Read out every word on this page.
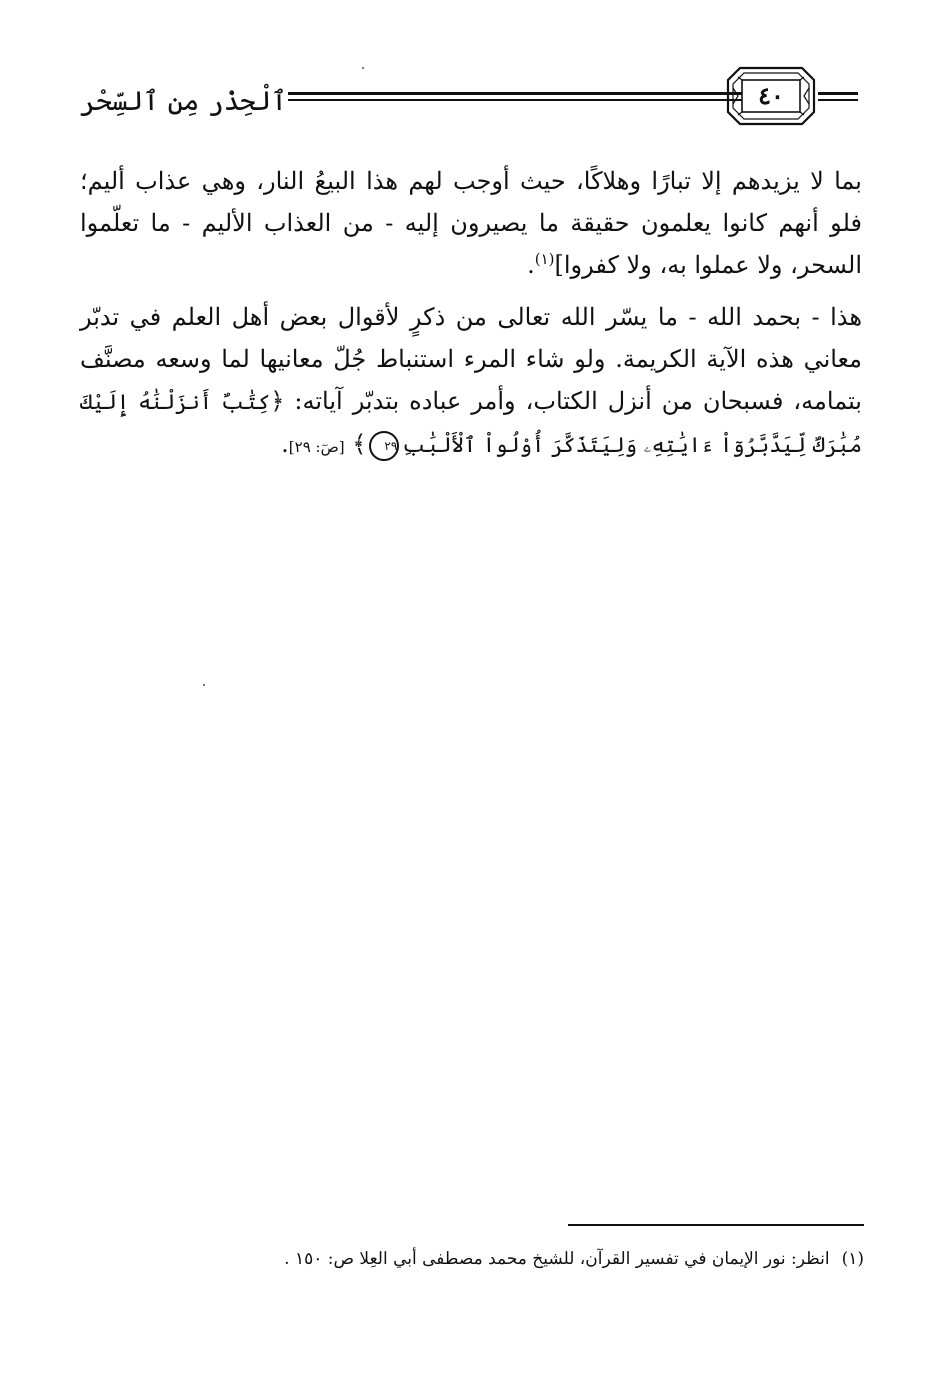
ٱلْحِذْر مِن ٱلسِّحْر	٤٠

بما لا يزيدهم إلا تبارًا وهلاكًا، حيث أوجب لهم هذا البيعُ النار، وهي عذاب أليم؛ فلو أنهم كانوا يعلمون حقيقة ما يصيرون إليه - من العذاب الأليم - ما تعلّموا السحر، ولا عملوا به، ولا كفروا]$^{(١)}$.

هذا - بحمد الله - ما يسّر الله تعالى من ذكرٍ لأقوال بعض أهل العلم في تدبّر معاني هذه الآية الكريمة. ولو شاء المرء استنباط جُلّ معانيها لما وسعه مصنَّف بتمامه، فسبحان من أنزل الكتاب، وأمر عباده بتدبّر آياته: ﴿كِتَٰبٌ أَنزَلْنَٰهُ إِلَيْكَ مُبَٰرَكٌ لِّيَدَّبَّرُوٓاْ ءَايَٰتِهِۦ وَلِيَتَذَكَّرَ أُوْلُواْ ٱلْأَلْبَٰبِ٢٩﴾ [صٓ: ٢٩].

(١)انظر: نور الإيمان في تفسير القرآن، للشيخ محمد مصطفى أبي العِلا ص: ١٥٠ .
